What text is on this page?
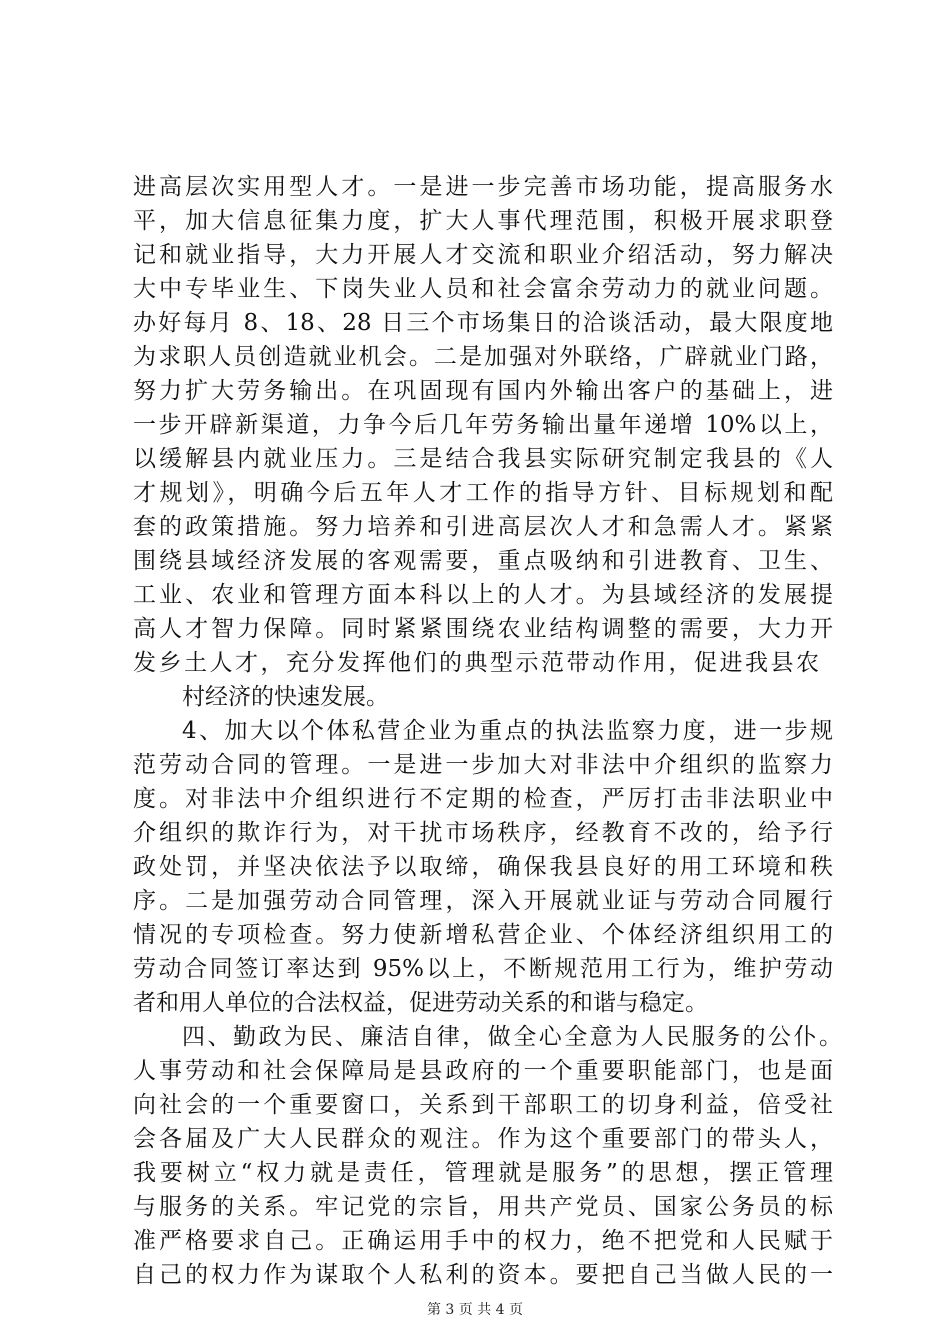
进高层次实用型人才。一是进一步完善市场功能，提高服务水
平，加大信息征集力度，扩大人事代理范围，积极开展求职登
记和就业指导，大力开展人才交流和职业介绍活动，努力解决
大中专毕业生、下岗失业人员和社会富余劳动力的就业问题。
办好每月 8、18、28 日三个市场集日的洽谈活动，最大限度地
为求职人员创造就业机会。二是加强对外联络，广辟就业门路，
努力扩大劳务输出。在巩固现有国内外输出客户的基础上，进
一步开辟新渠道，力争今后几年劳务输出量年递增 10%以上，
以缓解县内就业压力。三是结合我县实际研究制定我县的《人
才规划》，明确今后五年人才工作的指导方针、目标规划和配
套的政策措施。努力培养和引进高层次人才和急需人才。紧紧
围绕县域经济发展的客观需要，重点吸纳和引进教育、卫生、
工业、农业和管理方面本科以上的人才。为县域经济的发展提
高人才智力保障。同时紧紧围绕农业结构调整的需要，大力开
发乡土人才，充分发挥他们的典型示范带动作用，促进我县农
村经济的快速发展。
4、加大以个体私营企业为重点的执法监察力度，进一步规
范劳动合同的管理。一是进一步加大对非法中介组织的监察力
度。对非法中介组织进行不定期的检查，严厉打击非法职业中
介组织的欺诈行为，对干扰市场秩序，经教育不改的，给予行
政处罚，并坚决依法予以取缔，确保我县良好的用工环境和秩
序。二是加强劳动合同管理，深入开展就业证与劳动合同履行
情况的专项检查。努力使新增私营企业、个体经济组织用工的
劳动合同签订率达到 95%以上，不断规范用工行为，维护劳动
者和用人单位的合法权益，促进劳动关系的和谐与稳定。
四、勤政为民、廉洁自律，做全心全意为人民服务的公仆。
人事劳动和社会保障局是县政府的一个重要职能部门，也是面
向社会的一个重要窗口，关系到干部职工的切身利益，倍受社
会各届及广大人民群众的观注。作为这个重要部门的带头人，
我要树立“权力就是责任，管理就是服务”的思想，摆正管理
与服务的关系。牢记党的宗旨，用共产党员、国家公务员的标
准严格要求自己。正确运用手中的权力，绝不把党和人民赋于
自己的权力作为谋取个人私利的资本。要把自己当做人民的一
第 3 页 共 4 页
